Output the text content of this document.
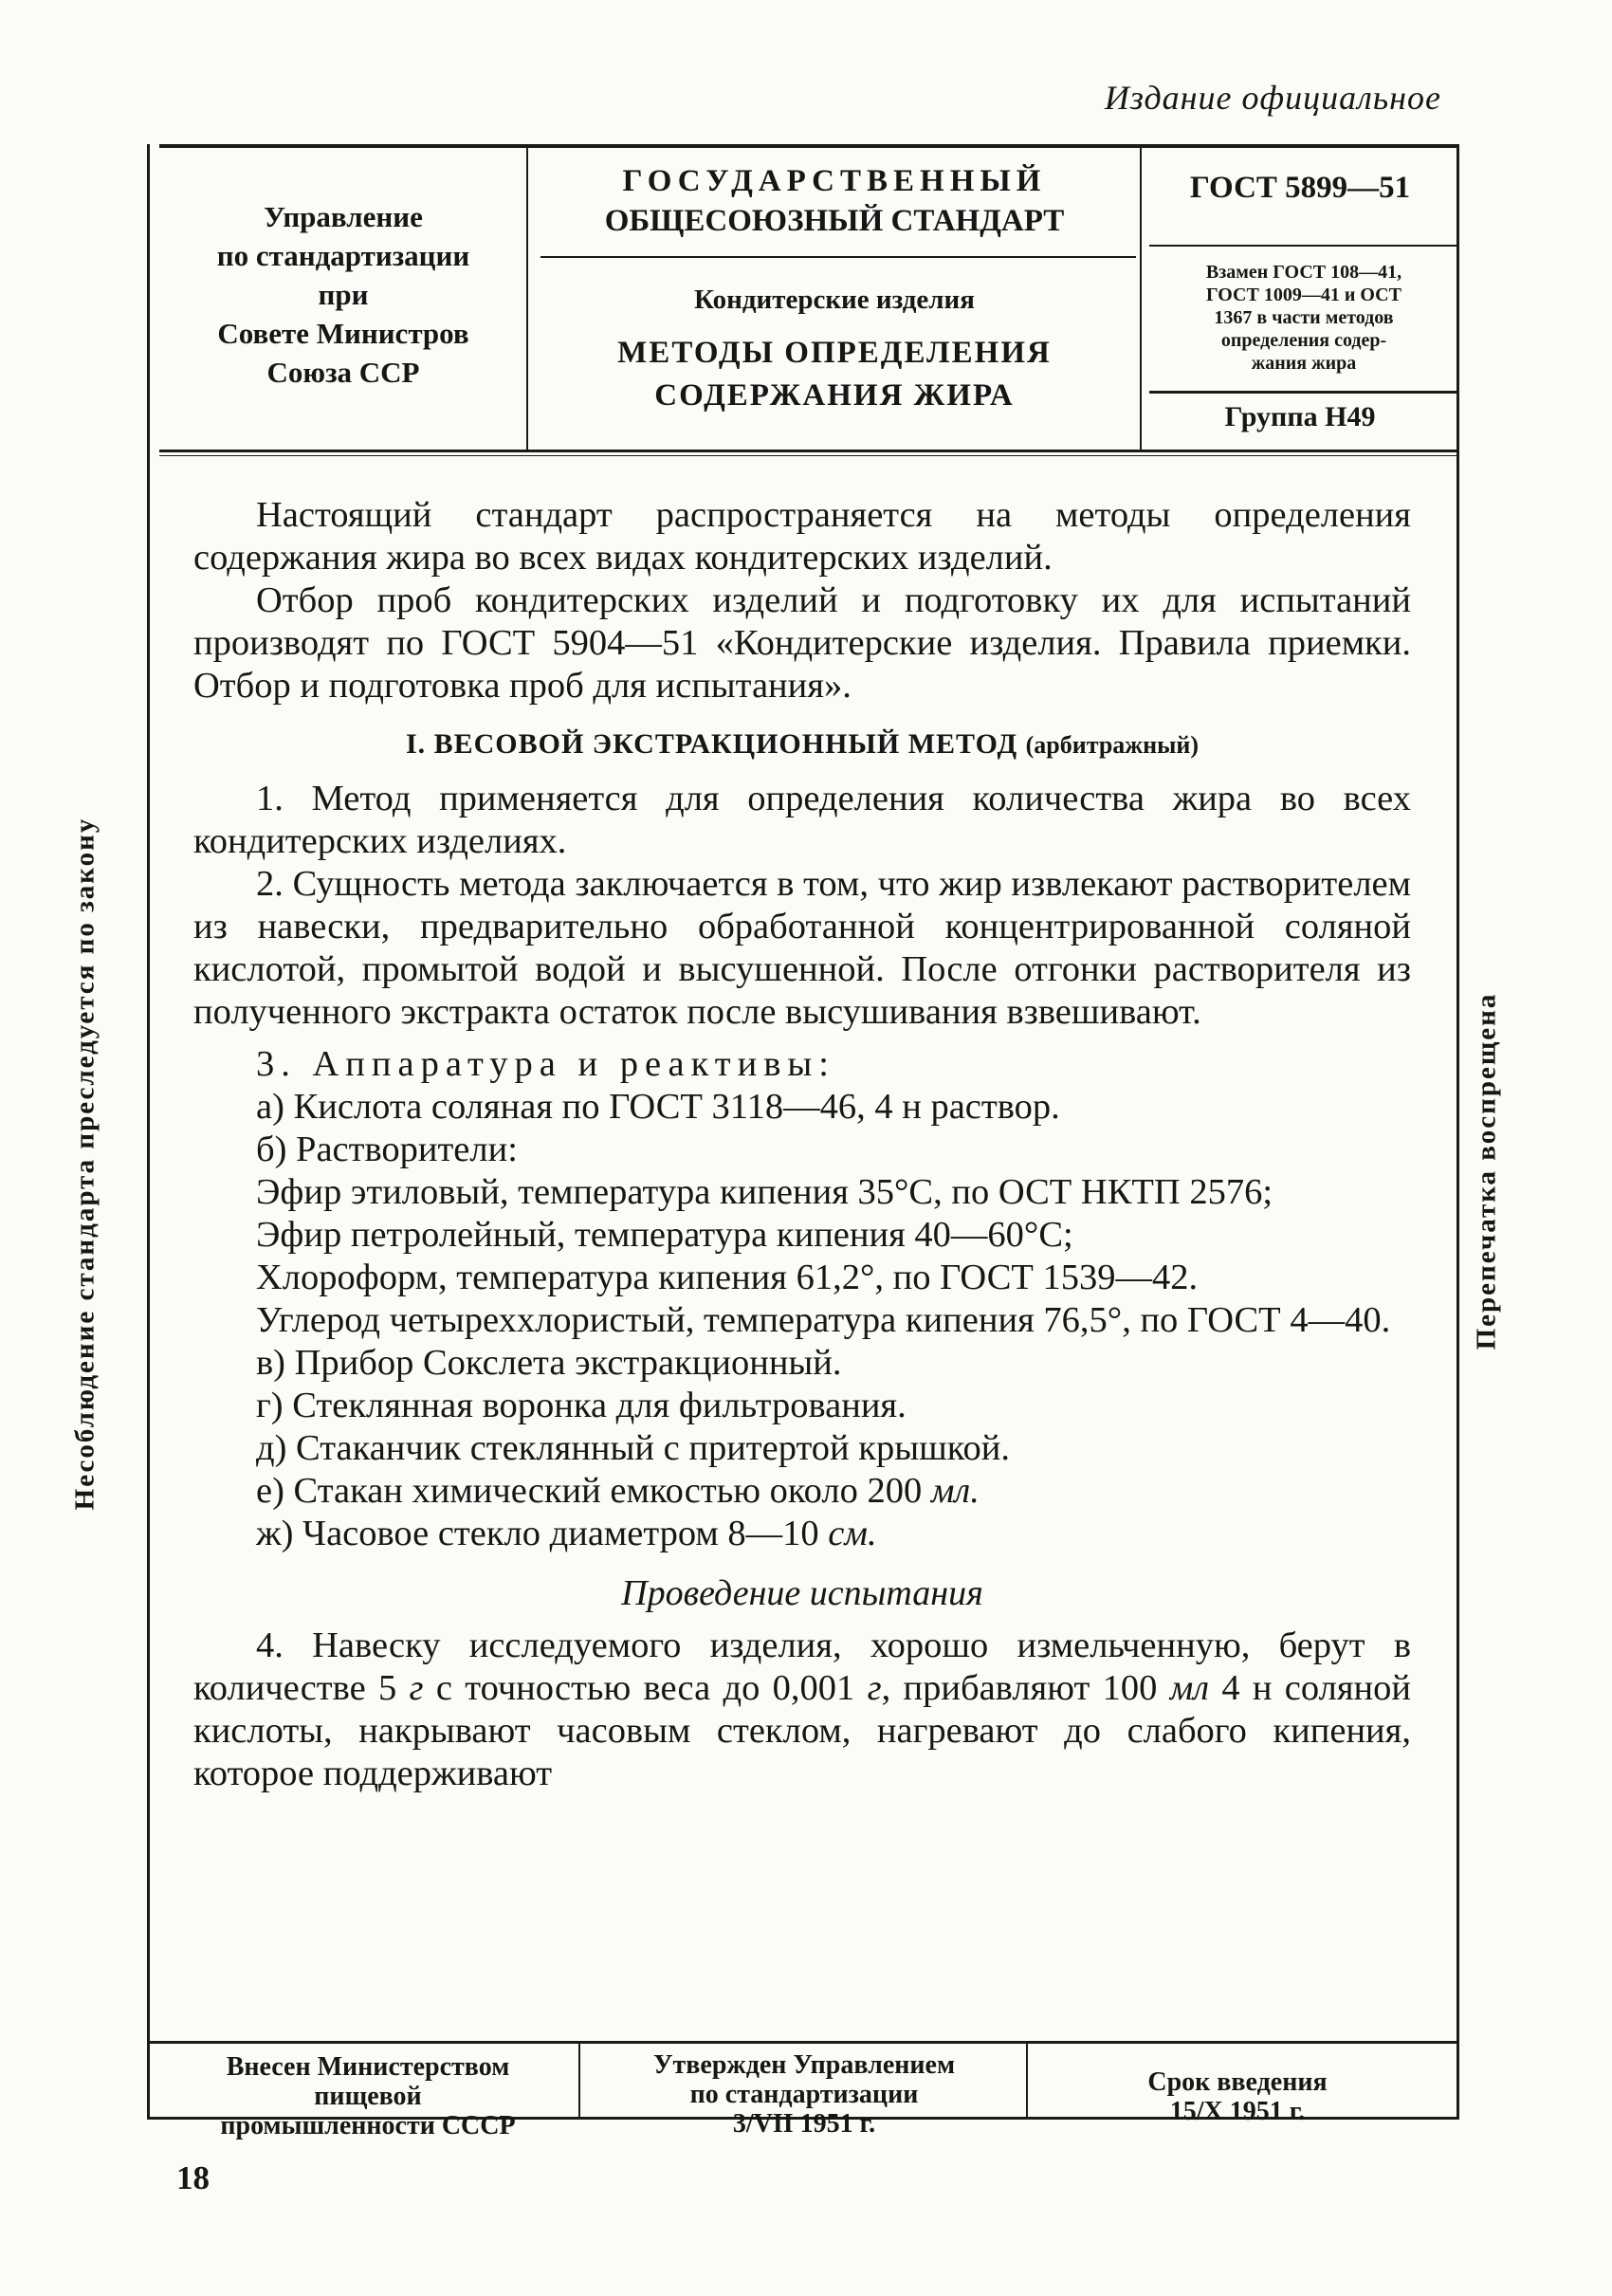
Издание официальное
Управление
по стандартизации
при
Совете Министров
Союза ССР
ГОСУДАРСТВЕННЫЙ
ОБЩЕСОЮЗНЫЙ СТАНДАРТ
Кондитерские изделия
МЕТОДЫ ОПРЕДЕЛЕНИЯ
СОДЕРЖАНИЯ ЖИРА
ГОСТ 5899—51
Взамен ГОСТ 108—41,
ГОСТ 1009—41 и ОСТ
1367 в части методов
определения содер-
жания жира
Группа Н49
Несоблюдение стандарта преследуется по закону	Перепечатка воспрещена

Настоящий стандарт распространяется на методы определения содержания жира во всех видах кондитерских изделий.

Отбор проб кондитерских изделий и подготовку их для испытаний производят по ГОСТ 5904—51 «Кондитерские изделия. Правила приемки. Отбор и подготовка проб для испытания».

I. ВЕСОВОЙ ЭКСТРАКЦИОННЫЙ МЕТОД (арбитражный)

1. Метод применяется для определения количества жира во всех кондитерских изделиях.

2. Сущность метода заключается в том, что жир извлекают растворителем из навески, предварительно обработанной концентрированной соляной кислотой, промытой водой и высушенной. После отгонки растворителя из полученного экстракта остаток после высушивания взвешивают.

3. Аппаратура и реактивы:

а) Кислота соляная по ГОСТ 3118—46, 4 н раствор.

б) Растворители:

Эфир этиловый, температура кипения 35°С, по ОСТ НКТП 2576;

Эфир петролейный, температура кипения 40—60°С;

Хлороформ, температура кипения 61,2°, по ГОСТ 1539—42.

Углерод четыреххлористый, температура кипения 76,5°, по ГОСТ 4—40.

в) Прибор Сокслета экстракционный.

г) Стеклянная воронка для фильтрования.

д) Стаканчик стеклянный с притертой крышкой.

е) Стакан химический емкостью около 200 мл.

ж) Часовое стекло диаметром 8—10 см.

Проведение испытания

4. Навеску исследуемого изделия, хорошо измельченную, берут в количестве 5 г с точностью веса до 0,001 г, прибавляют 100 мл 4 н соляной кислоты, накрывают часовым стеклом, нагревают до слабого кипения, которое поддерживают

Внесен Министерством
пищевой
промышленности СССР
Утвержден Управлением
по стандартизации
3/VII 1951 г.
Срок введения
15/Х 1951 г.
18
